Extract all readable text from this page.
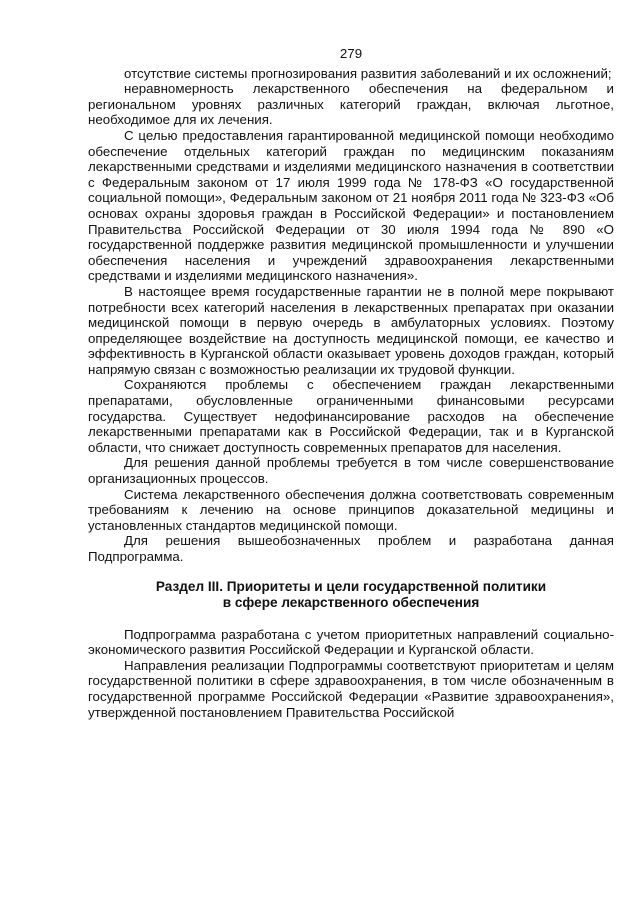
279

отсутствие системы прогнозирования развития заболеваний и их осложнений;

неравномерность лекарственного обеспечения на федеральном и региональном уровнях различных категорий граждан, включая льготное, необходимое для их лечения.

С целью предоставления гарантированной медицинской помощи необходимо обеспечение отдельных категорий граждан по медицинским показаниям лекарственными средствами и изделиями медицинского назначения в соответствии с Федеральным законом от 17 июля 1999 года № 178-ФЗ «О государственной социальной помощи», Федеральным законом от 21 ноября 2011 года № 323-ФЗ «Об основах охраны здоровья граждан в Российской Федерации» и постановлением Правительства Российской Федерации от 30 июля 1994 года № 890 «О государственной поддержке развития медицинской промышленности и улучшении обеспечения населения и учреждений здравоохранения лекарственными средствами и изделиями медицинского назначения».

В настоящее время государственные гарантии не в полной мере покрывают потребности всех категорий населения в лекарственных препаратах при оказании медицинской помощи в первую очередь в амбулаторных условиях. Поэтому определяющее воздействие на доступность медицинской помощи, ее качество и эффективность в Курганской области оказывает уровень доходов граждан, который напрямую связан с возможностью реализации их трудовой функции.

Сохраняются проблемы с обеспечением граждан лекарственными препаратами, обусловленные ограниченными финансовыми ресурсами государства. Существует недофинансирование расходов на обеспечение лекарственными препаратами как в Российской Федерации, так и в Курганской области, что снижает доступность современных препаратов для населения.

Для решения данной проблемы требуется в том числе совершенствование организационных процессов.

Система лекарственного обеспечения должна соответствовать современным требованиям к лечению на основе принципов доказательной медицины и установленных стандартов медицинской помощи.

Для решения вышеобозначенных проблем и разработана данная Подпрограмма.

Раздел III. Приоритеты и цели государственной политики
в сфере лекарственного обеспечения

Подпрограмма разработана с учетом приоритетных направлений социально-экономического развития Российской Федерации и Курганской области.

Направления реализации Подпрограммы соответствуют приоритетам и целям государственной политики в сфере здравоохранения, в том числе обозначенным в государственной программе Российской Федерации «Развитие здравоохранения», утвержденной постановлением Правительства Российской
